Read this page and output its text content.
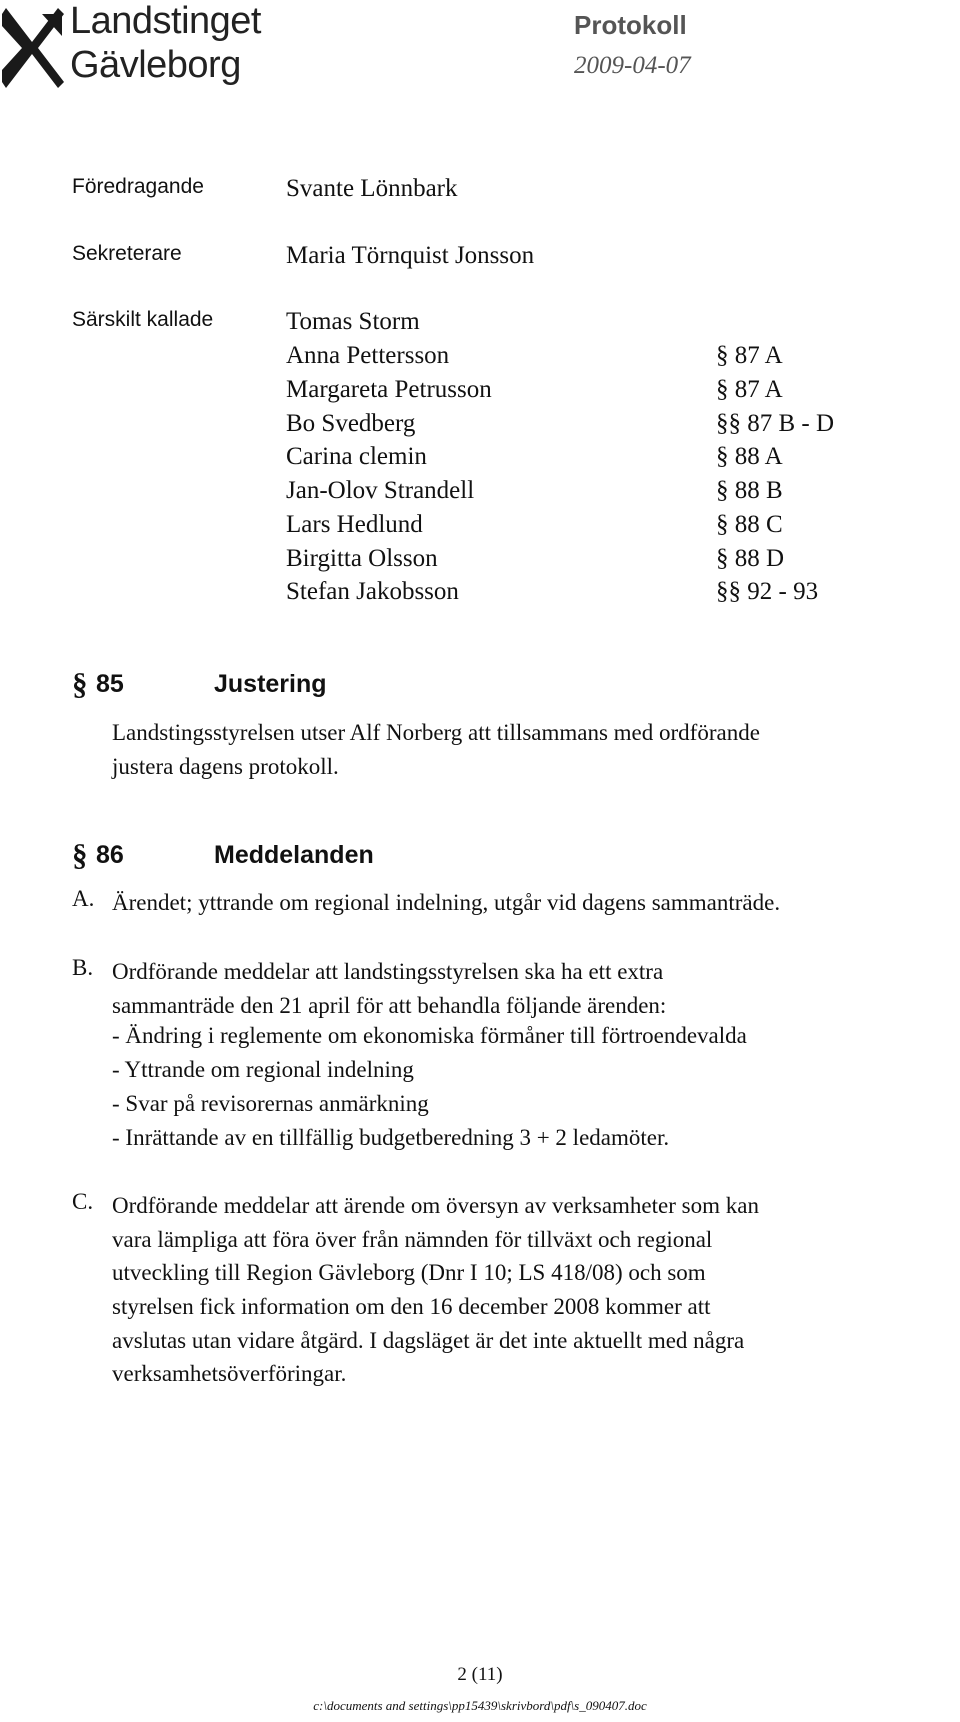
Landstinget
Gävleborg
Protokoll
2009-04-07
Föredragande	Svante Lönnbark
Sekreterare	Maria Törnquist Jonsson
Särskilt kallade	Tomas Storm
Anna Pettersson	§ 87 A
Margareta Petrusson	§ 87 A
Bo Svedberg	§§ 87 B - D
Carina clemin	§ 88 A
Jan-Olov Strandell	§ 88 B
Lars Hedlund	§ 88 C
Birgitta Olsson	§ 88 D
Stefan Jakobsson	§§ 92 - 93
§ 85	Justering
Landstingsstyrelsen utser Alf Norberg att tillsammans med ordförande
justera dagens protokoll.
§ 86	Meddelanden
A. Ärendet; yttrande om regional indelning, utgår vid dagens sammanträde.
B. Ordförande meddelar att landstingsstyrelsen ska ha ett extra
sammanträde den 21 april för att behandla följande ärenden:
- Ändring i reglemente om ekonomiska förmåner till förtroendevalda
- Yttrande om regional indelning
- Svar på revisorernas anmärkning
- Inrättande av en tillfällig budgetberedning 3 + 2 ledamöter.
C. Ordförande meddelar att ärende om översyn av verksamheter som kan
vara lämpliga att föra över från nämnden för tillväxt och regional
utveckling till Region Gävleborg (Dnr I 10; LS 418/08) och som
styrelsen fick information om den 16 december 2008 kommer att
avslutas utan vidare åtgärd. I dagsläget är det inte aktuellt med några
verksamhetsöverföringar.
2 (11)
c:\documents and settings\pp15439\skrivbord\pdf\s_090407.doc
